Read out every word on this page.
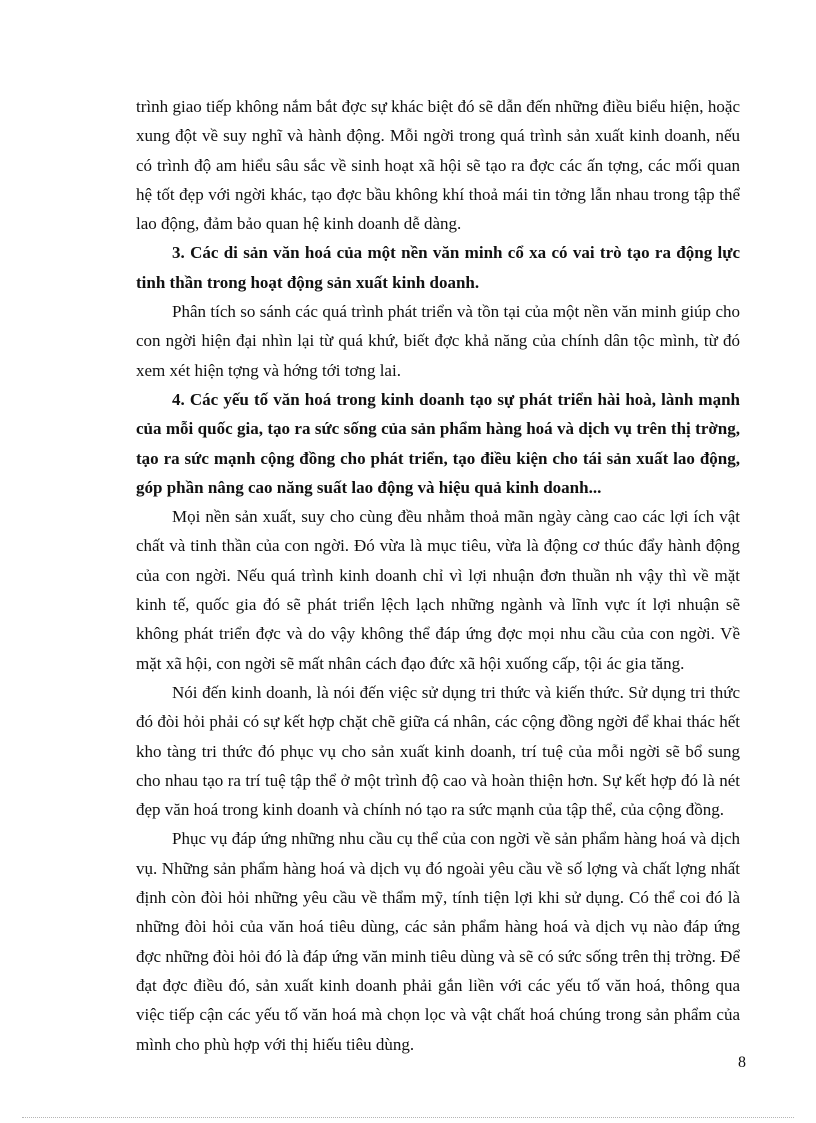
trình giao tiếp không nắm bắt đợc sự khác biệt đó sẽ dẫn đến những điều biểu hiện, hoặc xung đột về suy nghĩ và hành động. Mỗi ngời trong quá trình sản xuất kinh doanh, nếu có trình độ am hiểu sâu sắc về sinh hoạt xã hội sẽ tạo ra đợc các ấn tợng, các mối quan hệ tốt đẹp với ngời khác, tạo đợc bầu không khí thoả mái tin tởng lẫn nhau trong tập thể lao động, đảm bảo quan hệ kinh doanh dễ dàng.

3. Các di sản văn hoá của một nền văn minh cổ xa có vai trò tạo ra động lực tinh thần trong hoạt động sản xuất kinh doanh.

Phân tích so sánh các quá trình phát triển và tồn tại của một nền văn minh giúp cho con ngời hiện đại nhìn lại từ quá khứ, biết đợc khả năng của chính dân tộc mình, từ đó xem xét hiện tợng và hớng tới tơng lai.

4. Các yếu tố văn hoá trong kinh doanh tạo sự phát triển hài hoà, lành mạnh của mỗi quốc gia, tạo ra sức sống của sản phẩm hàng hoá và dịch vụ trên thị trờng, tạo ra sức mạnh cộng đồng cho phát triển, tạo điều kiện cho tái sản xuất lao động, góp phần nâng cao năng suất lao động và hiệu quả kinh doanh...

Mọi nền sản xuất, suy cho cùng đều nhằm thoả mãn ngày càng cao các lợi ích vật chất và tinh thần của con ngời. Đó vừa là mục tiêu, vừa là động cơ thúc đẩy hành động của con ngời. Nếu quá trình kinh doanh chỉ vì lợi nhuận đơn thuần nh vậy thì về mặt kinh tế, quốc gia đó sẽ phát triển lệch lạch những ngành và lĩnh vực ít lợi nhuận sẽ không phát triển đợc và do vậy không thể đáp ứng đợc mọi nhu cầu của con ngời. Về mặt xã hội, con ngời sẽ mất nhân cách đạo đức xã hội xuống cấp, tội ác gia tăng.

Nói đến kinh doanh, là nói đến việc sử dụng tri thức và kiến thức. Sử dụng tri thức đó đòi hỏi phải có sự kết hợp chặt chẽ giữa cá nhân, các cộng đồng ngời để khai thác hết kho tàng tri thức đó phục vụ cho sản xuất kinh doanh, trí tuệ của mỗi ngời sẽ bổ sung cho nhau tạo ra trí tuệ tập thể ở một trình độ cao và hoàn thiện hơn. Sự kết hợp đó là nét đẹp văn hoá trong kinh doanh và chính nó tạo ra sức mạnh của tập thể, của cộng đồng.

Phục vụ đáp ứng những nhu cầu cụ thể của con ngời về sản phẩm hàng hoá và dịch vụ. Những sản phẩm hàng hoá và dịch vụ đó ngoài yêu cầu về số lợng và chất lợng nhất định còn đòi hỏi những yêu cầu về thẩm mỹ, tính tiện lợi khi sử dụng. Có thể coi đó là những đòi hỏi của văn hoá tiêu dùng, các sản phẩm hàng hoá và dịch vụ nào đáp ứng đợc những đòi hỏi đó là đáp ứng văn minh tiêu dùng và sẽ có sức sống trên thị trờng. Để đạt đợc điều đó, sản xuất kinh doanh phải gắn liền với các yếu tố văn hoá, thông qua việc tiếp cận các yếu tố văn hoá mà chọn lọc và vật chất hoá chúng trong sản phẩm của mình cho phù hợp với thị hiếu tiêu dùng.

8
